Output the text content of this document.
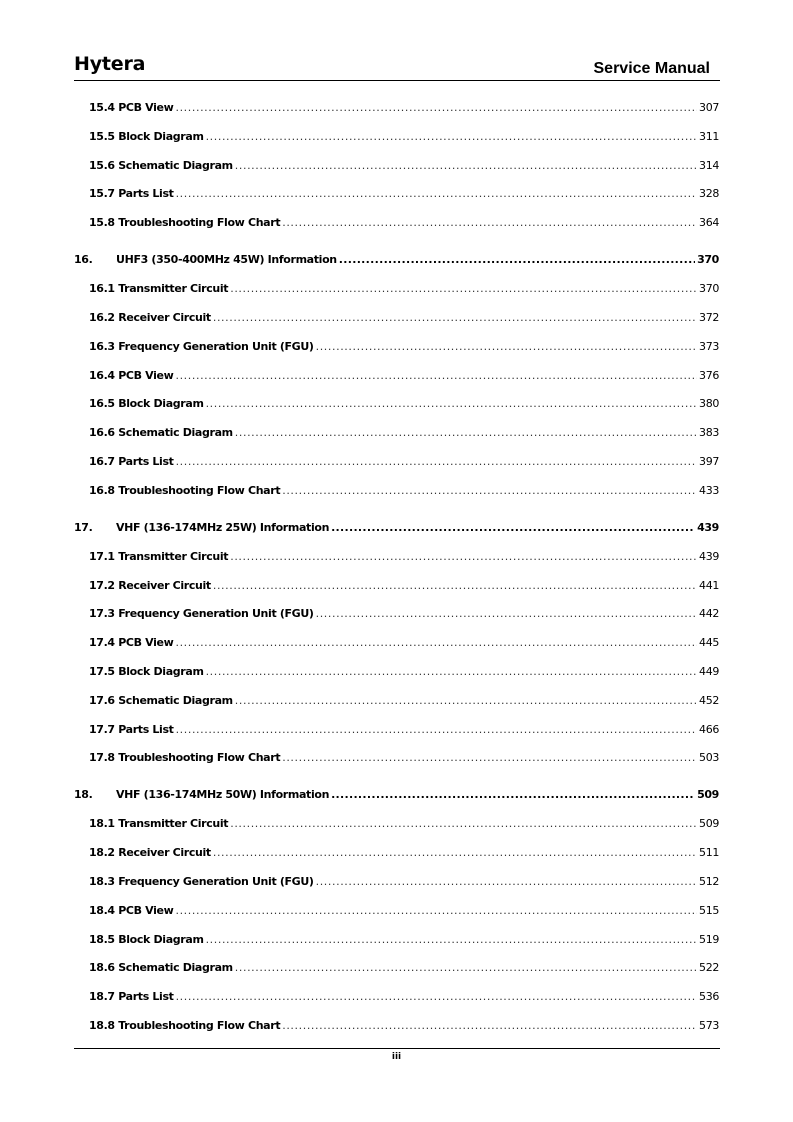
Hytera	Service Manual
15.4 PCB View .....	307
15.5 Block Diagram .....	311
15.6 Schematic Diagram .....	314
15.7 Parts List .....	328
15.8 Troubleshooting Flow Chart .....	364
16.	UHF3 (350-400MHz 45W) Information .....	370
16.1 Transmitter Circuit .....	370
16.2 Receiver Circuit .....	372
16.3 Frequency Generation Unit (FGU) .....	373
16.4 PCB View .....	376
16.5 Block Diagram .....	380
16.6 Schematic Diagram .....	383
16.7 Parts List .....	397
16.8 Troubleshooting Flow Chart .....	433
17.	VHF (136-174MHz 25W) Information .....	439
17.1 Transmitter Circuit .....	439
17.2 Receiver Circuit .....	441
17.3 Frequency Generation Unit (FGU) .....	442
17.4 PCB View .....	445
17.5 Block Diagram .....	449
17.6 Schematic Diagram .....	452
17.7 Parts List .....	466
17.8 Troubleshooting Flow Chart .....	503
18.	VHF (136-174MHz 50W) Information .....	509
18.1 Transmitter Circuit .....	509
18.2 Receiver Circuit .....	511
18.3 Frequency Generation Unit (FGU) .....	512
18.4 PCB View .....	515
18.5 Block Diagram .....	519
18.6 Schematic Diagram .....	522
18.7 Parts List .....	536
18.8 Troubleshooting Flow Chart .....	573
iii
